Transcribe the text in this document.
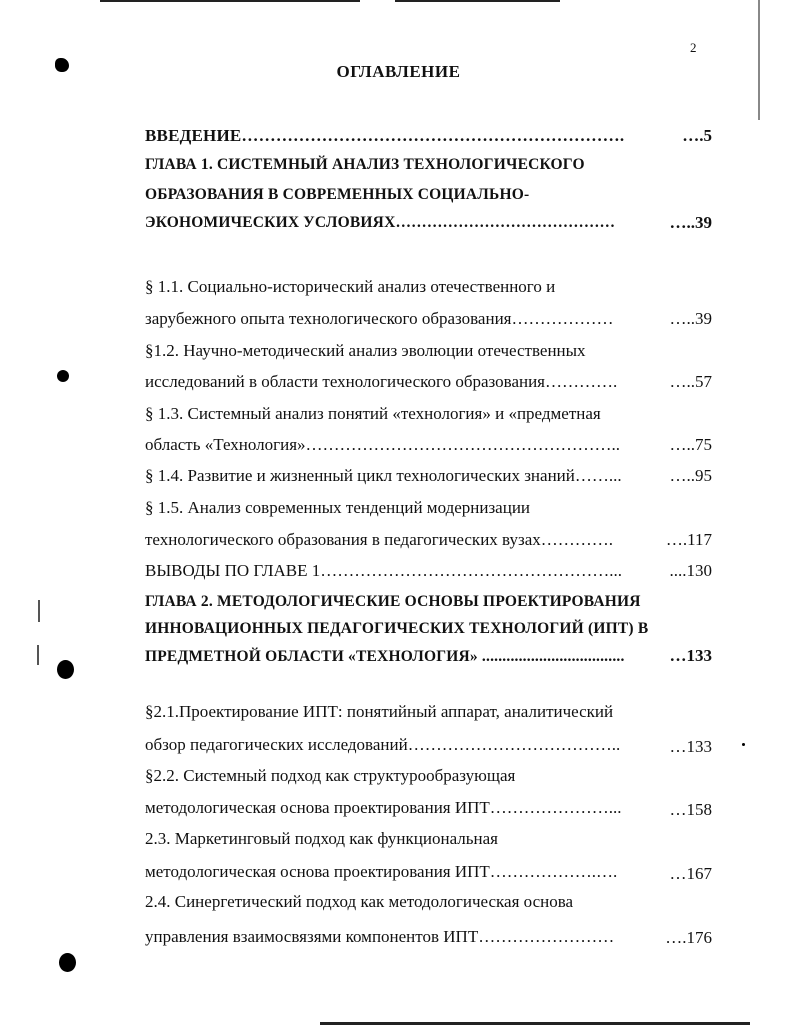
2
ОГЛАВЛЕНИЕ
ВВЕДЕНИЕ………………………………………………………….	….5
ГЛАВА 1. СИСТЕМНЫЙ АНАЛИЗ ТЕХНОЛОГИЧЕСКОГО
ОБРАЗОВАНИЯ В СОВРЕМЕННЫХ СОЦИАЛЬНО-
ЭКОНОМИЧЕСКИХ УСЛОВИЯХ……………………………………	…..39
§ 1.1. Социально-исторический анализ отечественного и
зарубежного опыта технологического образования………………	…..39
§1.2. Научно-методический анализ эволюции отечественных
исследований в области технологического образования………….	…..57
§ 1.3. Системный анализ понятий «технология» и «предметная
область «Технология»………………………………………………..	…..75
§ 1.4. Развитие и жизненный цикл технологических знаний……...	…..95
§ 1.5. Анализ современных тенденций модернизации
технологического образования в педагогических вузах………….	….117
ВЫВОДЫ ПО ГЛАВЕ 1……………………………………………...	....130
ГЛАВА 2. МЕТОДОЛОГИЧЕСКИЕ ОСНОВЫ ПРОЕКТИРОВАНИЯ
ИННОВАЦИОННЫХ ПЕДАГОГИЧЕСКИХ ТЕХНОЛОГИЙ (ИПТ) В
ПРЕДМЕТНОЙ ОБЛАСТИ «ТЕХНОЛОГИЯ» ...................................	…133
§2.1.Проектирование ИПТ: понятийный аппарат, аналитический
обзор педагогических исследований………………………………..	…133
§2.2. Системный подход как структурообразующая
методологическая основа проектирования ИПТ…………………...	…158
2.3. Маркетинговый подход как функциональная
методологическая основа проектирования ИПТ……………….….	…167
2.4. Синергетический подход как методологическая основа
управления взаимосвязями компонентов ИПТ……………………	….176
